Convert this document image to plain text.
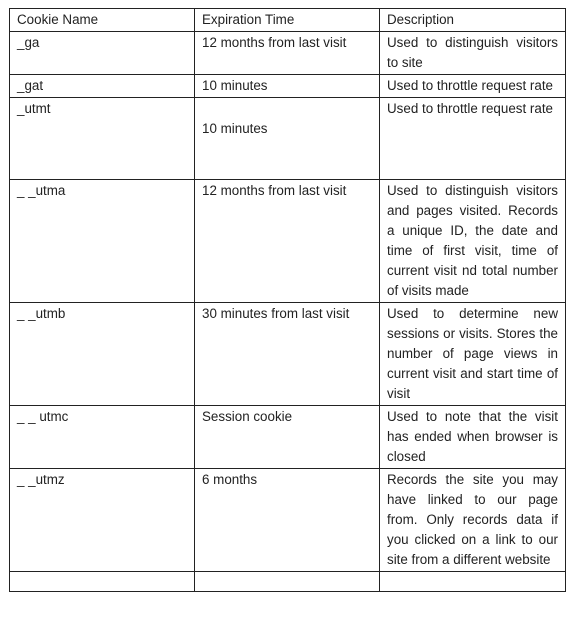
Cookie Name	Expiration Time	Description
_ga	12 months from last visit	Used to distinguish visitors to site
_gat	10 minutes	Used to throttle request rate
_utmt	10 minutes	Used to throttle request rate
_ _utma	12 months from last visit	Used to distinguish visitors and pages visited. Records a unique ID, the date and time of first visit, time of current visit nd total number of visits made
_ _utmb	30 minutes from last visit	Used to determine new sessions or visits. Stores the number of page views in current visit and start time of visit
_ _ utmc	Session cookie	Used to note that the visit has ended when browser is closed
_ _utmz	6 months	Records the site you may have linked to our page from. Only records data if you clicked on a link to our site from a different website
